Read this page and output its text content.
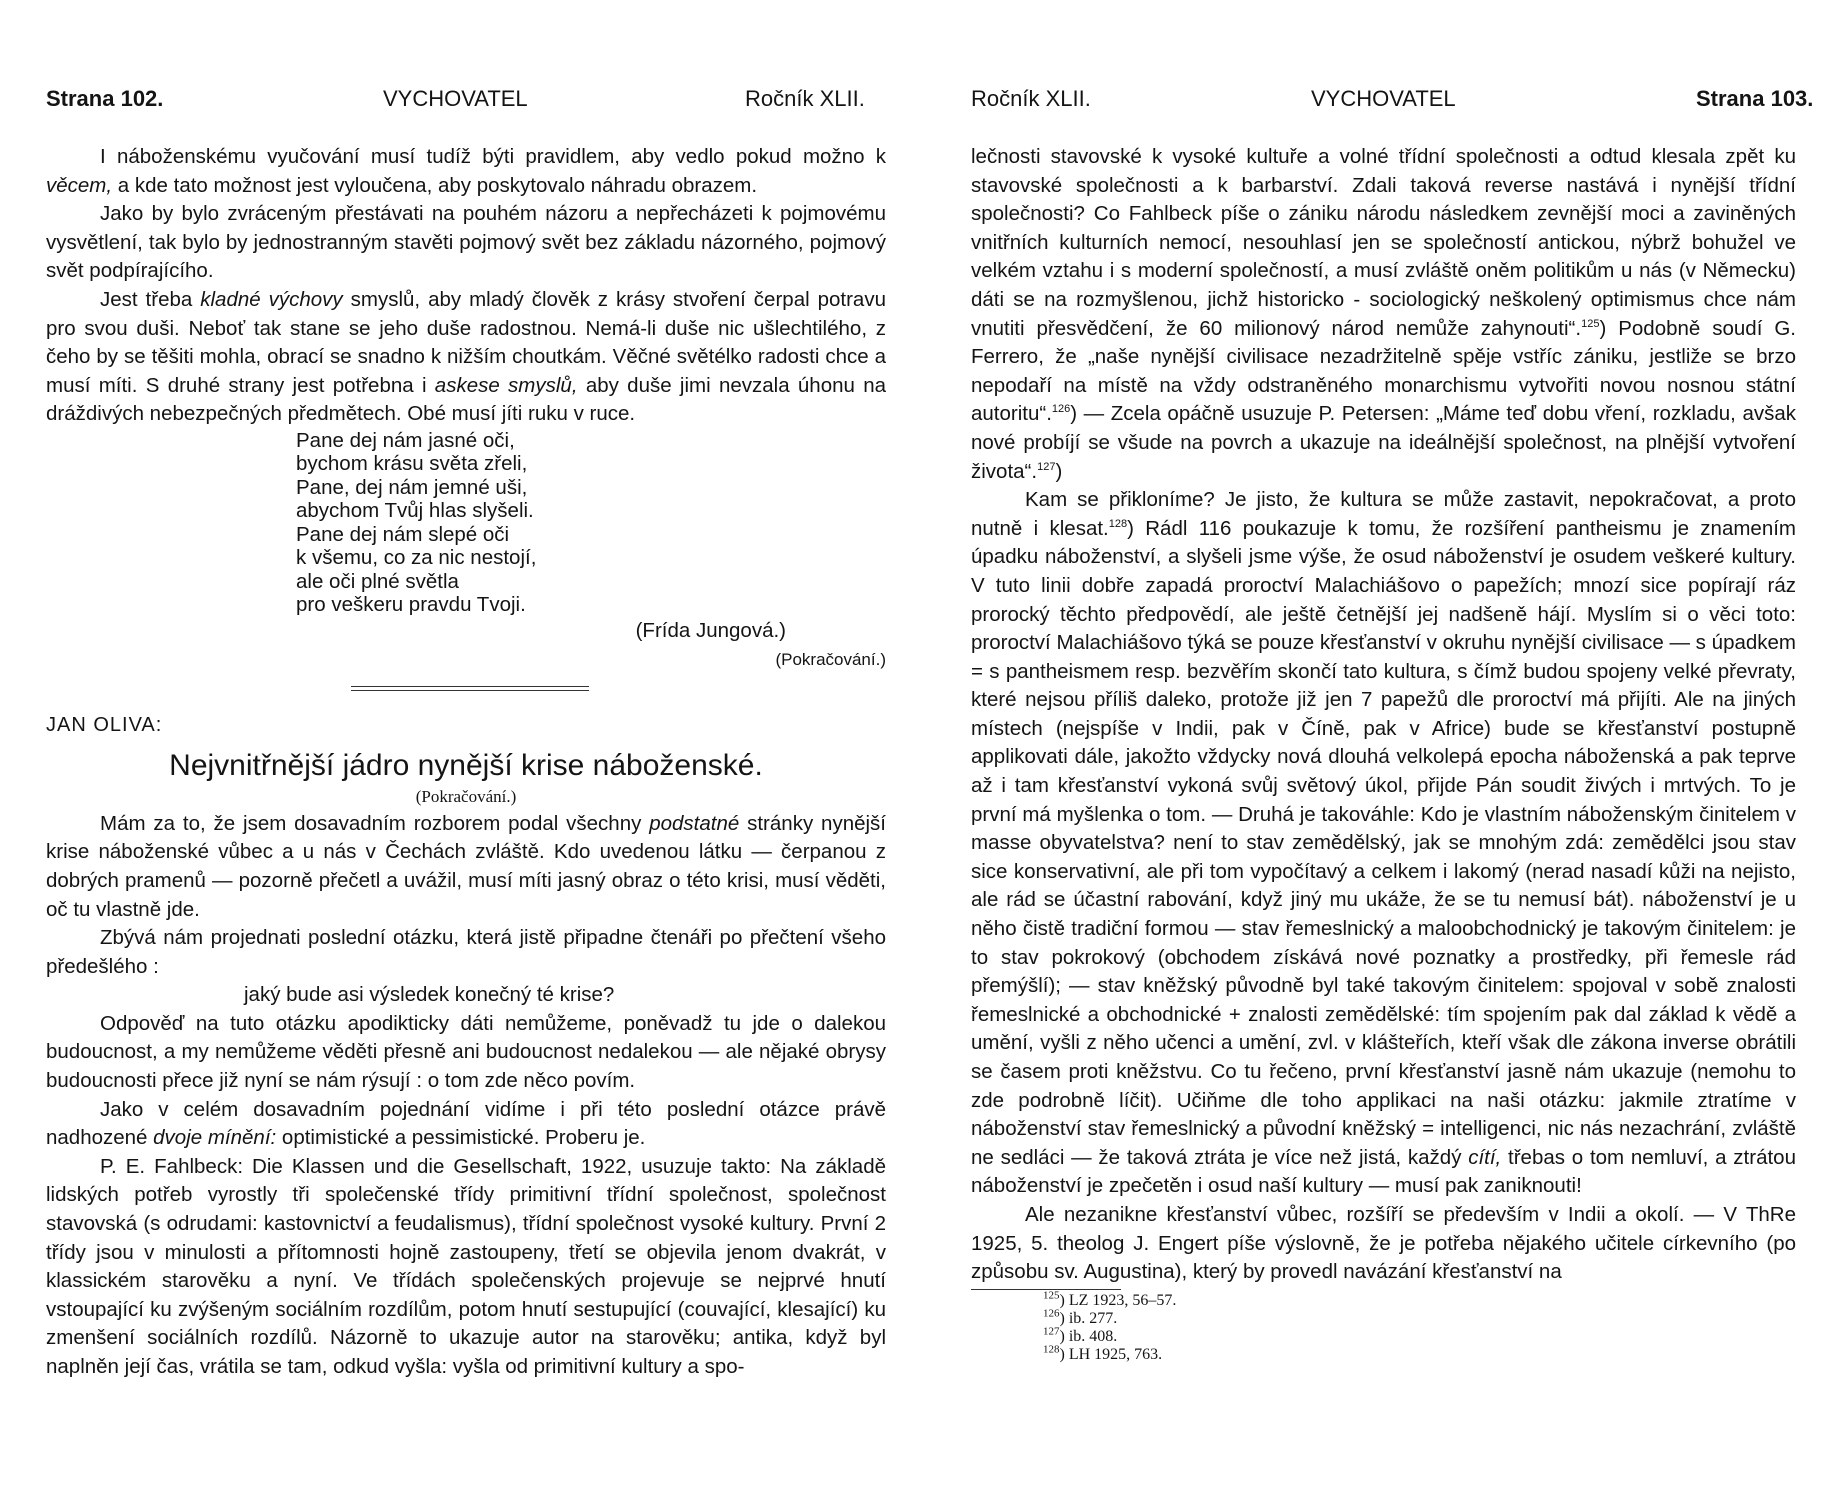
Strana 102.	VYCHOVATEL	Ročník XLII.

I náboženskému vyučování musí tudíž býti pravidlem, aby vedlo pokud možno k věcem, a kde tato možnost jest vyloučena, aby poskytovalo náhradu obrazem.

Jako by bylo zvráceným přestávati na pouhém názoru a nepřecházeti k pojmovému vysvětlení, tak bylo by jednostranným stavěti pojmový svět bez základu názorného, pojmový svět podpírajícího.

Jest třeba kladné výchovy smyslů, aby mladý člověk z krásy stvoření čerpal potravu pro svou duši. Neboť tak stane se jeho duše radostnou. Nemá-li duše nic ušlechtilého, z čeho by se těšiti mohla, obrací se snadno k nižším choutkám. Věčné světélko radosti chce a musí míti. S druhé strany jest potřebna i askese smyslů, aby duše jimi nevzala úhonu na dráždivých nebezpečných předmětech. Obé musí jíti ruku v ruce.

Pane dej nám jasné oči,
bychom krásu světa zřeli,
Pane, dej nám jemné uši,
abychom Tvůj hlas slyšeli.
Pane dej nám slepé oči
k všemu, co za nic nestojí,
ale oči plné světla
pro veškeru pravdu Tvoji.

(Frída Jungová.)

(Pokračování.)

JAN OLIVA:

Nejvnitřnější jádro nynější krise náboženské.

(Pokračování.)

Mám za to, že jsem dosavadním rozborem podal všechny podstatné stránky nynější krise náboženské vůbec a u nás v Čechách zvláště. Kdo uvedenou látku — čerpanou z dobrých pramenů — pozorně přečetl a uvážil, musí míti jasný obraz o této krisi, musí věděti, oč tu vlastně jde.

Zbývá nám projednati poslední otázku, která jistě připadne čtenáři po přečtení všeho předešlého :

jaký bude asi výsledek konečný té krise?

Odpověď na tuto otázku apodikticky dáti nemůžeme, poněvadž tu jde o dalekou budoucnost, a my nemůžeme věděti přesně ani budoucnost nedalekou — ale nějaké obrysy budoucnosti přece již nyní se nám rýsují : o tom zde něco povím.

Jako v celém dosavadním pojednání vidíme i při této poslední otázce právě nadhozené dvoje mínění: optimistické a pessimistické. Proberu je.

P. E. Fahlbeck: Die Klassen und die Gesellschaft, 1922, usuzuje takto: Na základě lidských potřeb vyrostly tři společenské třídy primitivní třídní společnost, společnost stavovská (s odrudami: kastovnictví a feudalismus), třídní společnost vysoké kultury. První 2 třídy jsou v minulosti a přítomnosti hojně zastoupeny, třetí se objevila jenom dvakrát, v klassickém starověku a nyní. Ve třídách společenských projevuje se nejprvé hnutí vstoupající ku zvýšeným sociálním rozdílům, potom hnutí sestupující (couvající, klesající) ku zmenšení sociálních rozdílů. Názorně to ukazuje autor na starověku; antika, když byl naplněn její čas, vrátila se tam, odkud vyšla: vyšla od primitivní kultury a spo-

Ročník XLII.	VYCHOVATEL	Strana 103.

lečnosti stavovské k vysoké kultuře a volné třídní společnosti a odtud klesala zpět ku stavovské společnosti a k barbarství. Zdali taková reverse nastává i nynější třídní společnosti? Co Fahlbeck píše o zániku národu následkem zevnější moci a zaviněných vnitřních kulturních nemocí, nesouhlasí jen se společností antickou, nýbrž bohužel ve velkém vztahu i s moderní společností, a musí zvláště oněm politikům u nás (v Německu) dáti se na rozmyšlenou, jichž historicko - sociologický neškolený optimismus chce nám vnutiti přesvědčení, že 60 milionový národ nemůže zahynouti“.$^{125}$) Podobně soudí G. Ferrero, že „naše nynější civilisace nezadržitelně spěje vstříc zániku, jestliže se brzo nepodaří na místě na vždy odstraněného monarchismu vytvořiti novou nosnou státní autoritu“.$^{126}$) — Zcela opáčně usuzuje P. Petersen: „Máme teď dobu vření, rozkladu, avšak nové probíjí se všude na povrch a ukazuje na ideálnější společnost, na plnější vytvoření života“.$^{127}$)

Kam se přikloníme? Je jisto, že kultura se může zastavit, nepokračovat, a proto nutně i klesat.$^{128}$) Rádl 116 poukazuje k tomu, že rozšíření pantheismu je znamením úpadku náboženství, a slyšeli jsme výše, že osud náboženství je osudem veškeré kultury. V tuto linii dobře zapadá proroctví Malachiášovo o papežích; mnozí sice popírají ráz prorocký těchto předpovědí, ale ještě četnější jej nadšeně hájí. Myslím si o věci toto: proroctví Malachiášovo týká se pouze křesťanství v okruhu nynější civilisace — s úpadkem = s pantheismem resp. bezvěřím skončí tato kultura, s čímž budou spojeny velké převraty, které nejsou příliš daleko, protože již jen 7 papežů dle proroctví má přijíti. Ale na jiných místech (nejspíše v Indii, pak v Číně, pak v Africe) bude se křesťanství postupně applikovati dále, jakožto vždycky nová dlouhá velkolepá epocha náboženská a pak teprve až i tam křesťanství vykoná svůj světový úkol, přijde Pán soudit živých i mrtvých. To je první má myšlenka o tom. — Druhá je takováhle: Kdo je vlastním náboženským činitelem v masse obyvatelstva? není to stav zemědělský, jak se mnohým zdá: zemědělci jsou stav sice konservativní, ale při tom vypočítavý a celkem i lakomý (nerad nasadí kůži na nejisto, ale rád se účastní rabování, když jiný mu ukáže, že se tu nemusí bát). náboženství je u něho čistě tradiční formou — stav řemeslnický a maloobchodnický je takovým činitelem: je to stav pokrokový (obchodem získává nové poznatky a prostředky, při řemesle rád přemýšlí); — stav kněžský původně byl také takovým činitelem: spojoval v sobě znalosti řemeslnické a obchodnické + znalosti zemědělské: tím spojením pak dal základ k vědě a umění, vyšli z něho učenci a umění, zvl. v klášteřích, kteří však dle zákona inverse obrátili se časem proti kněžstvu. Co tu řečeno, první křesťanství jasně nám ukazuje (nemohu to zde podrobně líčit). Učiňme dle toho applikaci na naši otázku: jakmile ztratíme v náboženství stav řemeslnický a původní kněžský = intelligenci, nic nás nezachrání, zvláště ne sedláci — že taková ztráta je více než jistá, každý cítí, třebas o tom nemluví, a ztrátou náboženství je zpečetěn i osud naší kultury — musí pak zaniknouti!

Ale nezaniknе křesťanství vůbec, rozšíří se především v Indii a okolí. — V ThRe 1925, 5. theolog J. Engert píše výslovně, že je potřeba nějakého učitele církevního (po způsobu sv. Augustina), který by provedl navázání křesťanství na

$^{125}$) LZ 1923, 56–57.
$^{126}$) ib. 277.
$^{127}$) ib. 408.
$^{128}$) LH 1925, 763.
